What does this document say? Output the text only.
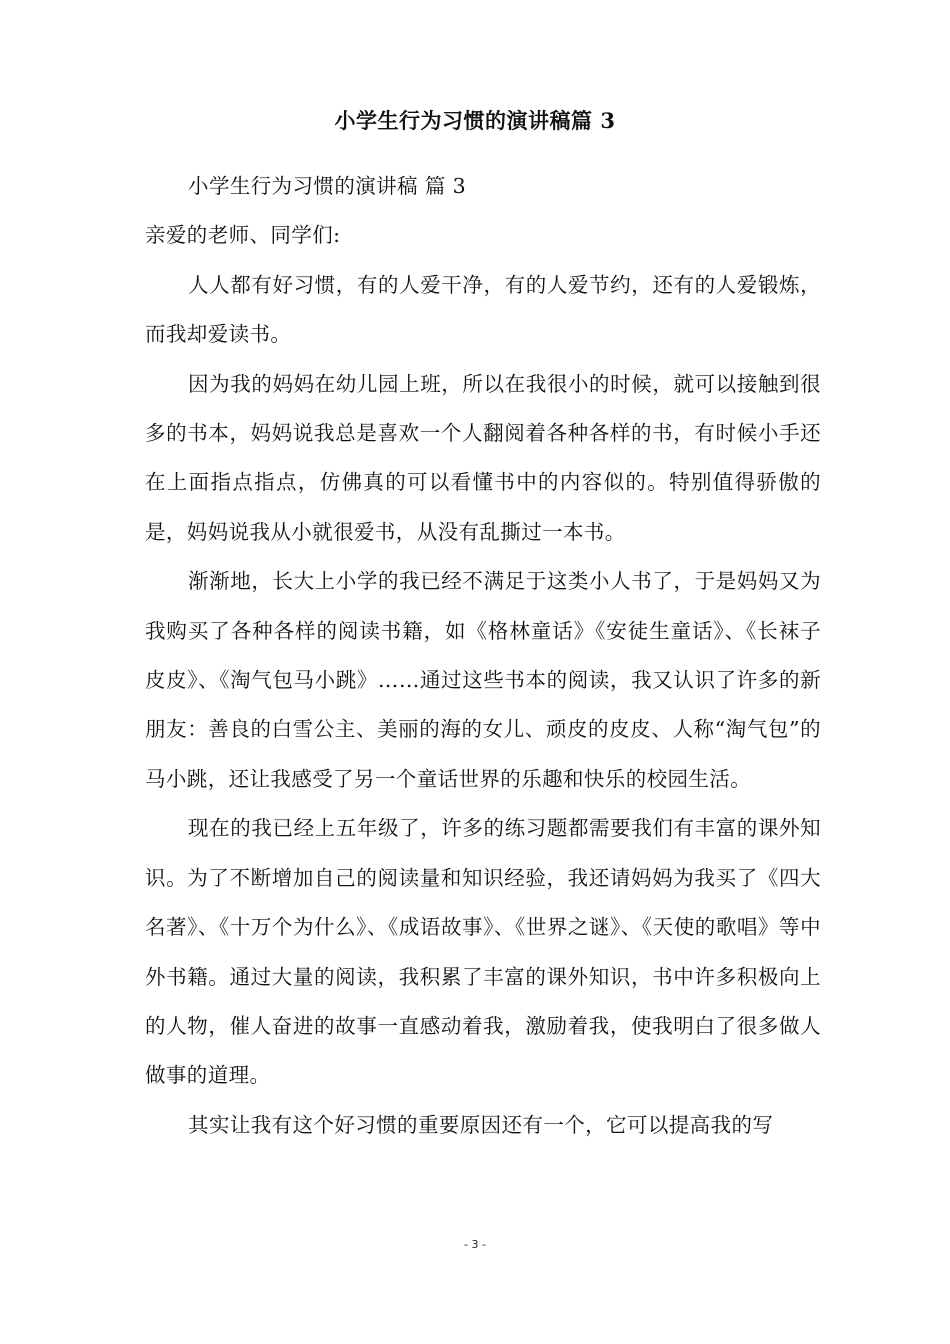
小学生行为习惯的演讲稿篇 3

小学生行为习惯的演讲稿 篇 3

亲爱的老师、同学们:

人人都有好习惯，有的人爱干净，有的人爱节约，还有的人爱锻炼，而我却爱读书。

因为我的妈妈在幼儿园上班，所以在我很小的时候，就可以接触到很多的书本，妈妈说我总是喜欢一个人翻阅着各种各样的书，有时候小手还在上面指点指点，仿佛真的可以看懂书中的内容似的。特别值得骄傲的是，妈妈说我从小就很爱书，从没有乱撕过一本书。

渐渐地，长大上小学的我已经不满足于这类小人书了，于是妈妈又为我购买了各种各样的阅读书籍，如《格林童话》《安徒生童话》、《长袜子皮皮》、《淘气包马小跳》……通过这些书本的阅读，我又认识了许多的新朋友：善良的白雪公主、美丽的海的女儿、顽皮的皮皮、人称“淘气包”的马小跳，还让我感受了另一个童话世界的乐趣和快乐的校园生活。

现在的我已经上五年级了，许多的练习题都需要我们有丰富的课外知识。为了不断增加自己的阅读量和知识经验，我还请妈妈为我买了《四大名著》、《十万个为什么》、《成语故事》、《世界之谜》、《天使的歌唱》等中外书籍。通过大量的阅读，我积累了丰富的课外知识，书中许多积极向上的人物，催人奋进的故事一直感动着我，激励着我，使我明白了很多做人做事的道理。

其实让我有这个好习惯的重要原因还有一个，它可以提高我的写

- 3 -
